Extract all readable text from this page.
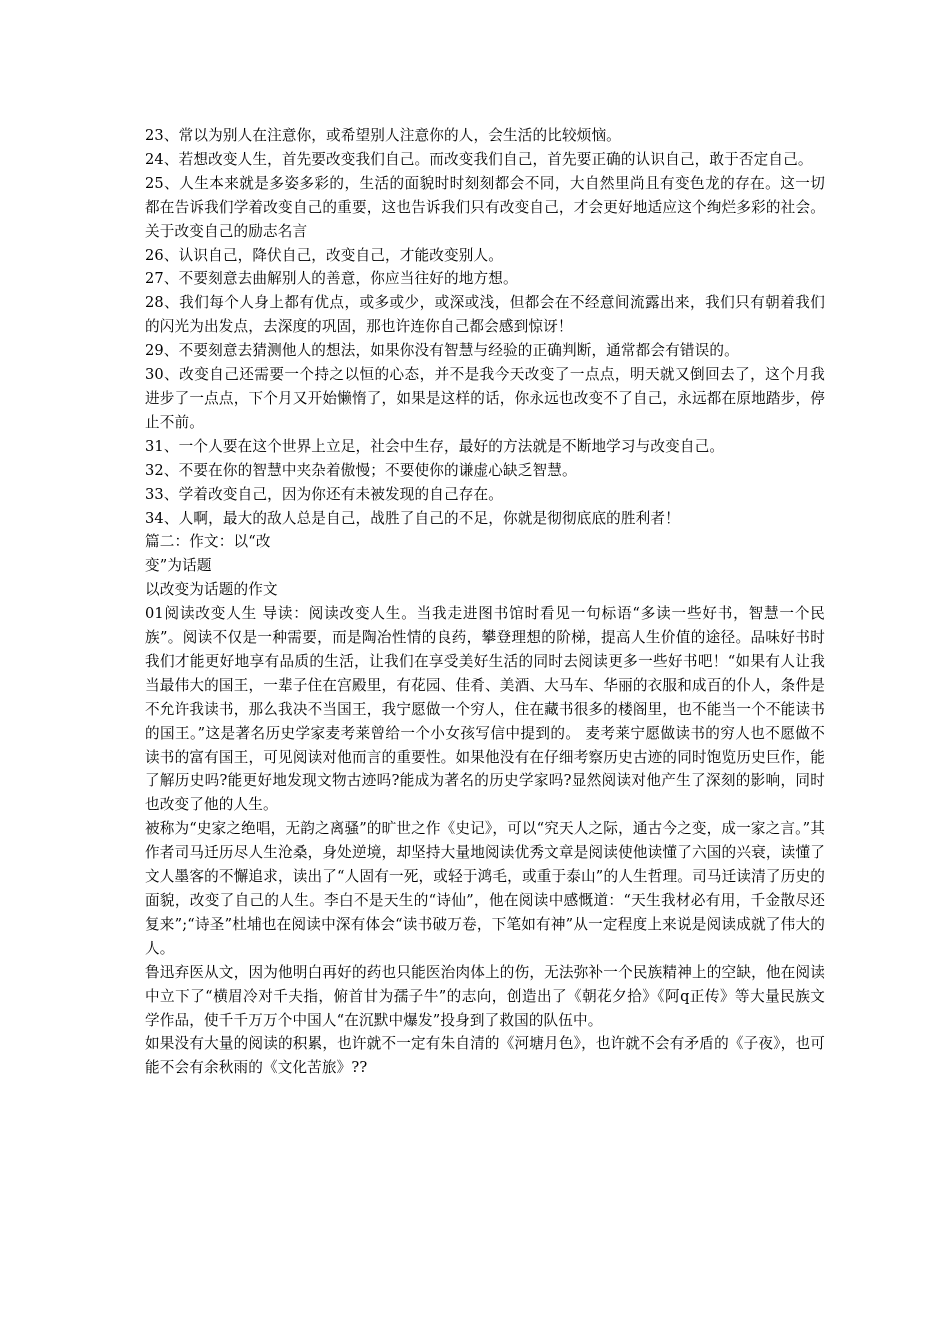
23、常以为别人在注意你，或希望别人注意你的人，会生活的比较烦恼。

24、若想改变人生，首先要改变我们自己。而改变我们自己，首先要正确的认识自己，敢于否定自己。

25、人生本来就是多姿多彩的，生活的面貌时时刻刻都会不同，大自然里尚且有变色龙的存在。这一切都在告诉我们学着改变自己的重要，这也告诉我们只有改变自己，才会更好地适应这个绚烂多彩的社会。关于改变自己的励志名言

26、认识自己，降伏自己，改变自己，才能改变别人。

27、不要刻意去曲解别人的善意，你应当往好的地方想。

28、我们每个人身上都有优点，或多或少，或深或浅，但都会在不经意间流露出来，我们只有朝着我们的闪光为出发点，去深度的巩固，那也许连你自己都会感到惊讶！

29、不要刻意去猜测他人的想法，如果你没有智慧与经验的正确判断，通常都会有错误的。

30、改变自己还需要一个持之以恒的心态，并不是我今天改变了一点点，明天就又倒回去了，这个月我进步了一点点，下个月又开始懒惰了，如果是这样的话，你永远也改变不了自己，永远都在原地踏步，停止不前。

31、一个人要在这个世界上立足，社会中生存，最好的方法就是不断地学习与改变自己。

32、不要在你的智慧中夹杂着傲慢；不要使你的谦虚心缺乏智慧。

33、学着改变自己，因为你还有未被发现的自己存在。

34、人啊，最大的敌人总是自己，战胜了自己的不足，你就是彻彻底底的胜利者！

篇二：作文：以“改

变”为话题

以改变为话题的作文

01阅读改变人生 导读：阅读改变人生。当我走进图书馆时看见一句标语“多读一些好书，智慧一个民族”。阅读不仅是一种需要，而是陶冶性情的良药，攀登理想的阶梯，提高人生价值的途径。品味好书时我们才能更好地享有品质的生活，让我们在享受美好生活的同时去阅读更多一些好书吧！“如果有人让我当最伟大的国王，一辈子住在宫殿里，有花园、佳肴、美酒、大马车、华丽的衣服和成百的仆人，条件是不允许我读书，那么我决不当国王，我宁愿做一个穷人，住在藏书很多的楼阁里，也不能当一个不能读书的国王。”这是著名历史学家麦考莱曾给一个小女孩写信中提到的。 麦考莱宁愿做读书的穷人也不愿做不读书的富有国王，可见阅读对他而言的重要性。如果他没有在仔细考察历史古迹的同时饱览历史巨作，能了解历史吗?能更好地发现文物古迹吗?能成为著名的历史学家吗?显然阅读对他产生了深刻的影响，同时也改变了他的人生。

被称为“史家之绝唱，无韵之离骚”的旷世之作《史记》，可以“究天人之际，通古今之变，成一家之言。”其作者司马迁历尽人生沧桑，身处逆境，却坚持大量地阅读优秀文章是阅读使他读懂了六国的兴衰，读懂了文人墨客的不懈追求，读出了“人固有一死，或轻于鸿毛，或重于泰山”的人生哲理。司马迁读清了历史的面貌，改变了自己的人生。李白不是天生的“诗仙”，他在阅读中感慨道：“天生我材必有用，千金散尽还复来”;“诗圣”杜埔也在阅读中深有体会“读书破万卷，下笔如有神”从一定程度上来说是阅读成就了伟大的人。

鲁迅弃医从文，因为他明白再好的药也只能医治肉体上的伤，无法弥补一个民族精神上的空缺，他在阅读中立下了“横眉冷对千夫指，俯首甘为孺子牛”的志向，创造出了《朝花夕拾》《阿q正传》等大量民族文学作品，使千千万万个中国人“在沉默中爆发”投身到了救国的队伍中。

如果没有大量的阅读的积累，也许就不一定有朱自清的《河塘月色》，也许就不会有矛盾的《子夜》，也可能不会有余秋雨的《文化苦旅》??
